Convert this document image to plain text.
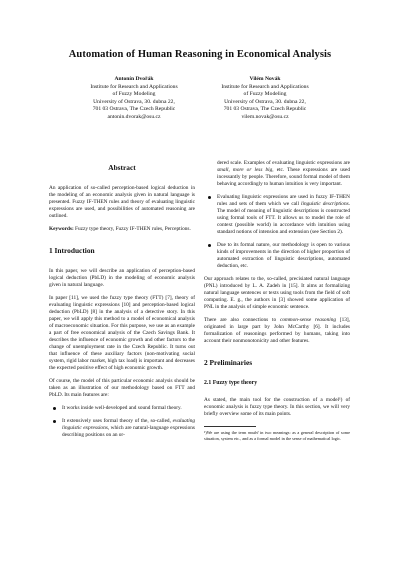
Automation of Human Reasoning in Economical Analysis
Antonín Dvořák
Institute for Research and Applications
of Fuzzy Modeling
University of Ostrava, 30. dubna 22,
701 03 Ostrava, The Czech Republic
antonin.dvorak@osu.cz
Vilém Novák
Institute for Research and Applications
of Fuzzy Modeling
University of Ostrava, 30. dubna 22,
701 03 Ostrava, The Czech Republic
vilem.novak@osu.cz
Abstract

An application of so-called perception-based logical deduction in the modeling of an economic analysis given in natural language is presented. Fuzzy IF-THEN rules and theory of evaluating linguistic expressions are used, and possibilities of automated reasoning are outlined.

Keywords: Fuzzy type theory, Fuzzy IF-THEN rules, Perceptions.

1 Introduction

In this paper, we will describe an application of perception-based logical deduction (PbLD) in the modeling of economic analysis given in natural language.

In paper [11], we used the fuzzy type theory (FTT) [7], theory of evaluating linguistic expressions [10] and perception-based logical deduction (PbLD) [8] in the analysis of a detective story. In this paper, we will apply this method to a model of economical analysis of macroeconomic situation. For this purpose, we use as an example a part of free economical analysis of the Czech Savings Bank. It describes the influence of economic growth and other factors to the change of unemployment rate in the Czech Republic. It turns out that influence of these auxiliary factors (non-motivating social system, rigid labor market, high tax load) is important and decreases the expected positive effect of high economic growth.

Of course, the model of this particular economic analysis should be taken as an illustration of our methodology based on FTT and PbLD. Its main features are:

It works inside well-developed and sound formal theory.
It extensively uses formal theory of the, so-called, evaluating linguistic expressions, which are natural-language expressions describing positions on an or-

dered scale. Examples of evaluating linguistic expressions are small, more or less big, etc. These expressions are used incessantly by people. Therefore, sound formal model of them behaving accordingly to human intuition is very important.

Evaluating linguistic expressions are used in fuzzy IF-THEN rules and sets of them which we call linguistic descriptions. The model of meaning of linguistic descriptions is constructed using formal tools of FTT. It allows us to model the role of context (possible world) in accordance with intuition using standard notions of intension and extension (see Section 2).
Due to its formal nature, our methodology is open to various kinds of improvements in the direction of higher proportion of automated extraction of linguistic descriptions, automated deduction, etc.

Our approach relates to the, so-called, precisiated natural language (PNL) introduced by L. A. Zadeh in [15]. It aims at formalizing natural language sentences or texts using tools from the field of soft computing. E. g., the authors in [3] showed some application of PNL in the analysis of simple economic sentence.

There are also connections to common-sense reasoning [13], originated in large part by John McCarthy [6]. It includes formalization of reasonings performed by humans, taking into account their nonmonotonicity and other features.

2 Preliminaries
2.1 Fuzzy type theory

As stated, the main tool for the construction of a model¹) of economic analysis is fuzzy type theory. In this section, we will very briefly overview some of its main points.

¹)We are using the term model in two meanings: as a general description of some situation, system etc., and as a formal model in the sense of mathematical logic.
